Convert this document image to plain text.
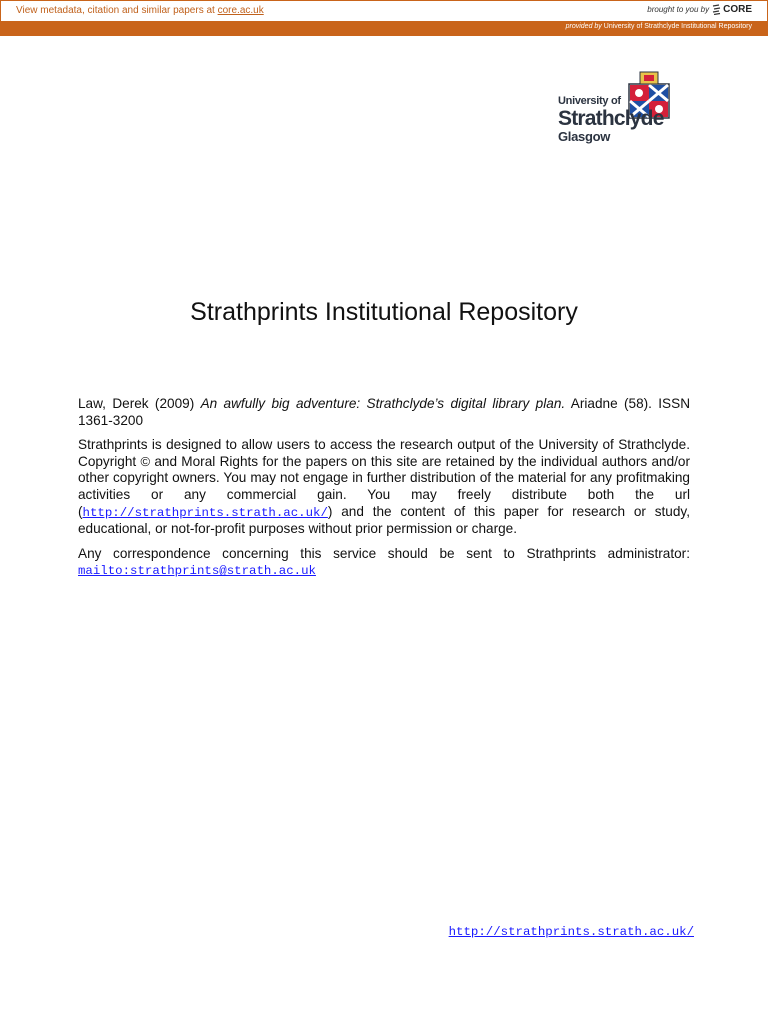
View metadata, citation and similar papers at core.ac.uk	brought to you by CORE
provided by University of Strathclyde Institutional Repository
University of
Strathclyde
Glasgow
Strathprints Institutional Repository

Law, Derek (2009) An awfully big adventure: Strathclyde’s digital library plan. Ariadne (58). ISSN 1361-3200

Strathprints is designed to allow users to access the research output of the University of Strathclyde. Copyright © and Moral Rights for the papers on this site are retained by the individual authors and/or other copyright owners. You may not engage in further distribution of the material for any profitmaking activities or any commercial gain. You may freely distribute both the url (http://strathprints.strath.ac.uk/) and the content of this paper for research or study, educational, or not-for-profit purposes without prior permission or charge.

Any correspondence concerning this service should be sent to Strathprints administrator: mailto:strathprints@strath.ac.uk

http://strathprints.strath.ac.uk/
